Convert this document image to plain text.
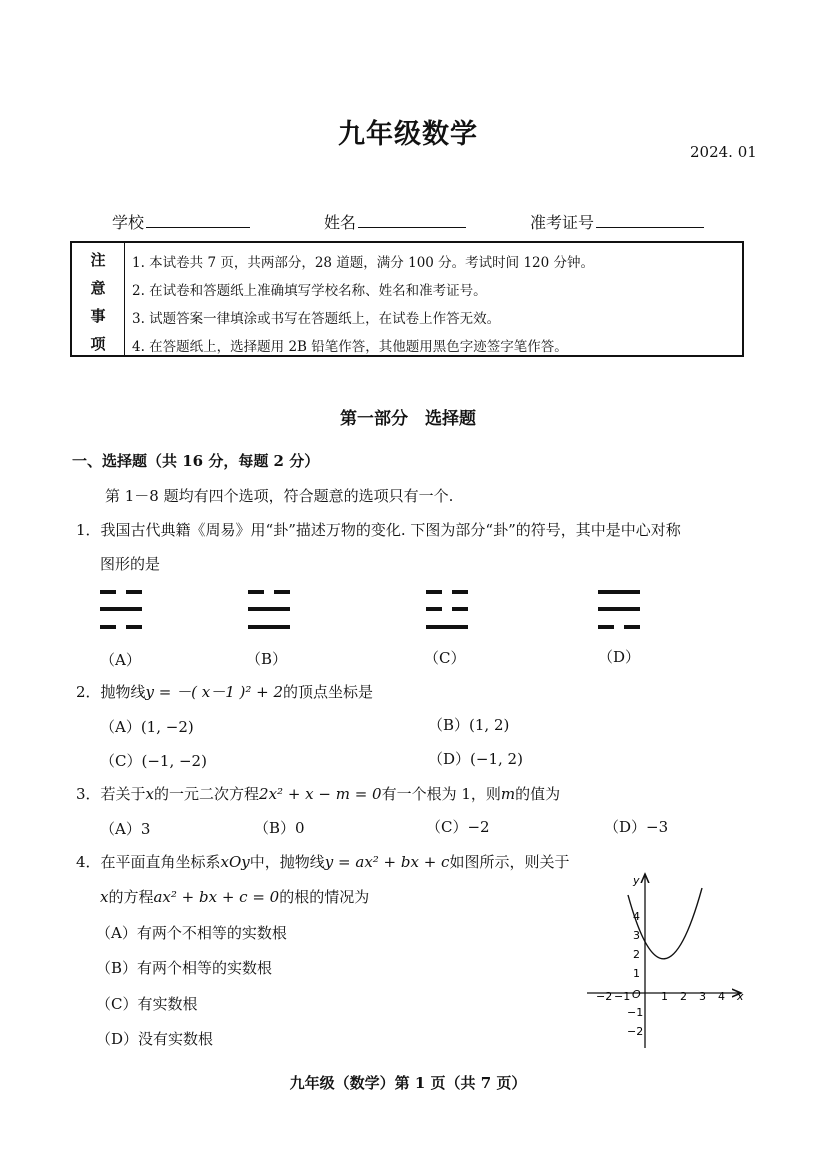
九年级数学
2024. 01
学校	姓名	准考证号
注
意
事
项
1. 本试卷共 7 页，共两部分，28 道题，满分 100 分。考试时间 120 分钟。
2. 在试卷和答题纸上准确填写学校名称、姓名和准考证号。
3. 试题答案一律填涂或书写在答题纸上，在试卷上作答无效。
4. 在答题纸上，选择题用 2B 铅笔作答，其他题用黑色字迹签字笔作答。
第一部分　选择题
一、选择题（共 16 分，每题 2 分）
第 1－8 题均有四个选项，符合题意的选项只有一个.
1．我国古代典籍《周易》用“卦”描述万物的变化. 下图为部分“卦”的符号，其中是中心对称
图形的是
（A）	（B）	（C）	（D）
2．抛物线y = －( x－1 )² + 2的顶点坐标是
（A）(1, −2)	（B）(1, 2)
（C）(−1, −2)	（D）(−1, 2)
3．若关于x的一元二次方程2x² + x − m = 0有一个根为 1，则m的值为
（A）3	（B）0	（C）−2	（D）−3
4．在平面直角坐标系xOy中，抛物线y = ax² + bx + c如图所示，则关于
x的方程ax² + bx + c = 0的根的情况为
（A）有两个不相等的实数根
（B）有两个相等的实数根
（C）有实数根
（D）没有实数根
x
y
O
−2 −1	1 2 3 4
4
3
2
1
−1
−2
九年级（数学）第 1 页（共 7 页）
